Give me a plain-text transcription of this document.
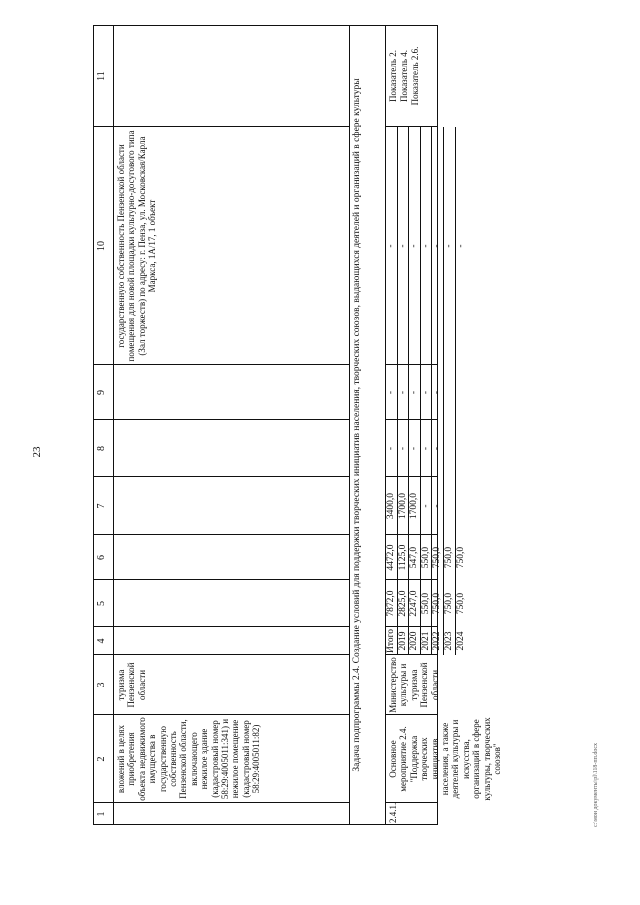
23
c:\мои документы\pl\118-пп.docx
1
2
3
4
5
6
7
8
9
10
11
вложений в целях приобретения объекта недвижимого имущества в государственную собственность Пензенской области, включающего нежилое здание (кадастровый номер 58:29:4005011:341) и нежилое помещение (кадастровый номер 58:29:4005011:82)
туризма Пензенской области
государственную собственность Пензенской области помещения для новой площадки культурно-досугового типа (Зал торжеств) по адресу: г. Пенза, ул. Московская/Карла Маркса, 1А/17, 1 объект	Задача подпрограммы 2.4. Создание условий для поддержки творческих инициатив населения, творческих союзов, выдающихся деятелей и организаций в сфере культуры
2.4.1.
Основное мероприятие 2.4. "Поддержка творческих инициатив населения, а также деятелей культуры и искусства, организаций в сфере культуры, творческих союзов"
Министерство культуры и туризма Пензенской области
Итого
7872,0
4472,0
3400,0
-
-
-
2019
2825,0
1125,0
1700,0
-
-
-
2020
2247,0
547,0
1700,0
-
-
-
2021
550,0
550,0
-
-
-
-
2022
750,0
750,0
-
-
-
-
2023
750,0
750,0
-
2024
750,0
750,0
-
Показатель 2. Показатель 4. Показатель 2.6.
